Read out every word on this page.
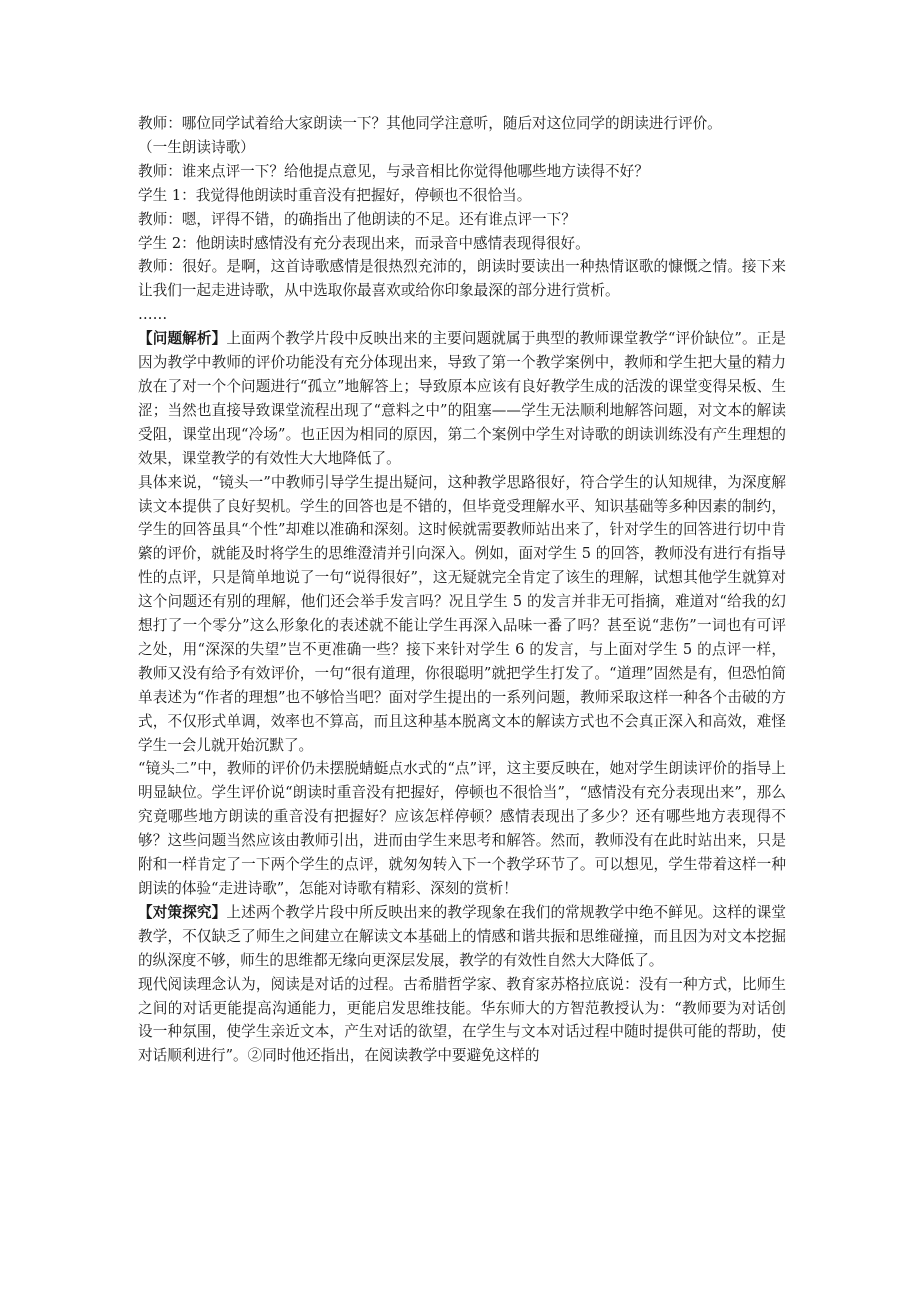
教师：哪位同学试着给大家朗读一下？其他同学注意听，随后对这位同学的朗读进行评价。

（一生朗读诗歌）

教师：谁来点评一下？给他提点意见，与录音相比你觉得他哪些地方读得不好？

学生 1：我觉得他朗读时重音没有把握好，停顿也不很恰当。

教师：嗯，评得不错，的确指出了他朗读的不足。还有谁点评一下？

学生 2：他朗读时感情没有充分表现出来，而录音中感情表现得很好。

教师：很好。是啊，这首诗歌感情是很热烈充沛的，朗读时要读出一种热情讴歌的慷慨之情。接下来让我们一起走进诗歌，从中选取你最喜欢或给你印象最深的部分进行赏析。

……

【问题解析】上面两个教学片段中反映出来的主要问题就属于典型的教师课堂教学“评价缺位”。正是因为教学中教师的评价功能没有充分体现出来，导致了第一个教学案例中，教师和学生把大量的精力放在了对一个个问题进行“孤立”地解答上；导致原本应该有良好教学生成的活泼的课堂变得呆板、生涩；当然也直接导致课堂流程出现了“意料之中”的阻塞——学生无法顺利地解答问题，对文本的解读受阻，课堂出现“冷场”。也正因为相同的原因，第二个案例中学生对诗歌的朗读训练没有产生理想的效果，课堂教学的有效性大大地降低了。

具体来说，“镜头一”中教师引导学生提出疑问，这种教学思路很好，符合学生的认知规律，为深度解读文本提供了良好契机。学生的回答也是不错的，但毕竟受理解水平、知识基础等多种因素的制约，学生的回答虽具“个性”却难以准确和深刻。这时候就需要教师站出来了，针对学生的回答进行切中肯綮的评价，就能及时将学生的思维澄清并引向深入。例如，面对学生 5 的回答，教师没有进行有指导性的点评，只是简单地说了一句“说得很好”，这无疑就完全肯定了该生的理解，试想其他学生就算对这个问题还有别的理解，他们还会举手发言吗？况且学生 5 的发言并非无可指摘，难道对“给我的幻想打了一个零分”这么形象化的表述就不能让学生再深入品味一番了吗？甚至说“悲伤”一词也有可评之处，用“深深的失望”岂不更准确一些？接下来针对学生 6 的发言，与上面对学生 5 的点评一样，教师又没有给予有效评价，一句“很有道理，你很聪明”就把学生打发了。“道理”固然是有，但恐怕简单表述为“作者的理想”也不够恰当吧？面对学生提出的一系列问题，教师采取这样一种各个击破的方式，不仅形式单调，效率也不算高，而且这种基本脱离文本的解读方式也不会真正深入和高效，难怪学生一会儿就开始沉默了。

“镜头二”中，教师的评价仍未摆脱蜻蜓点水式的“点”评，这主要反映在，她对学生朗读评价的指导上明显缺位。学生评价说“朗读时重音没有把握好，停顿也不很恰当”，“感情没有充分表现出来”，那么究竟哪些地方朗读的重音没有把握好？应该怎样停顿？感情表现出了多少？还有哪些地方表现得不够？这些问题当然应该由教师引出，进而由学生来思考和解答。然而，教师没有在此时站出来，只是附和一样肯定了一下两个学生的点评，就匆匆转入下一个教学环节了。可以想见，学生带着这样一种朗读的体验“走进诗歌”，怎能对诗歌有精彩、深刻的赏析！

【对策探究】上述两个教学片段中所反映出来的教学现象在我们的常规教学中绝不鲜见。这样的课堂教学，不仅缺乏了师生之间建立在解读文本基础上的情感和谐共振和思维碰撞，而且因为对文本挖掘的纵深度不够，师生的思维都无缘向更深层发展，教学的有效性自然大大降低了。

现代阅读理念认为，阅读是对话的过程。古希腊哲学家、教育家苏格拉底说：没有一种方式，比师生之间的对话更能提高沟通能力，更能启发思维技能。华东师大的方智范教授认为：“教师要为对话创设一种氛围，使学生亲近文本，产生对话的欲望，在学生与文本对话过程中随时提供可能的帮助，使对话顺利进行”。②同时他还指出，在阅读教学中要避免这样的
